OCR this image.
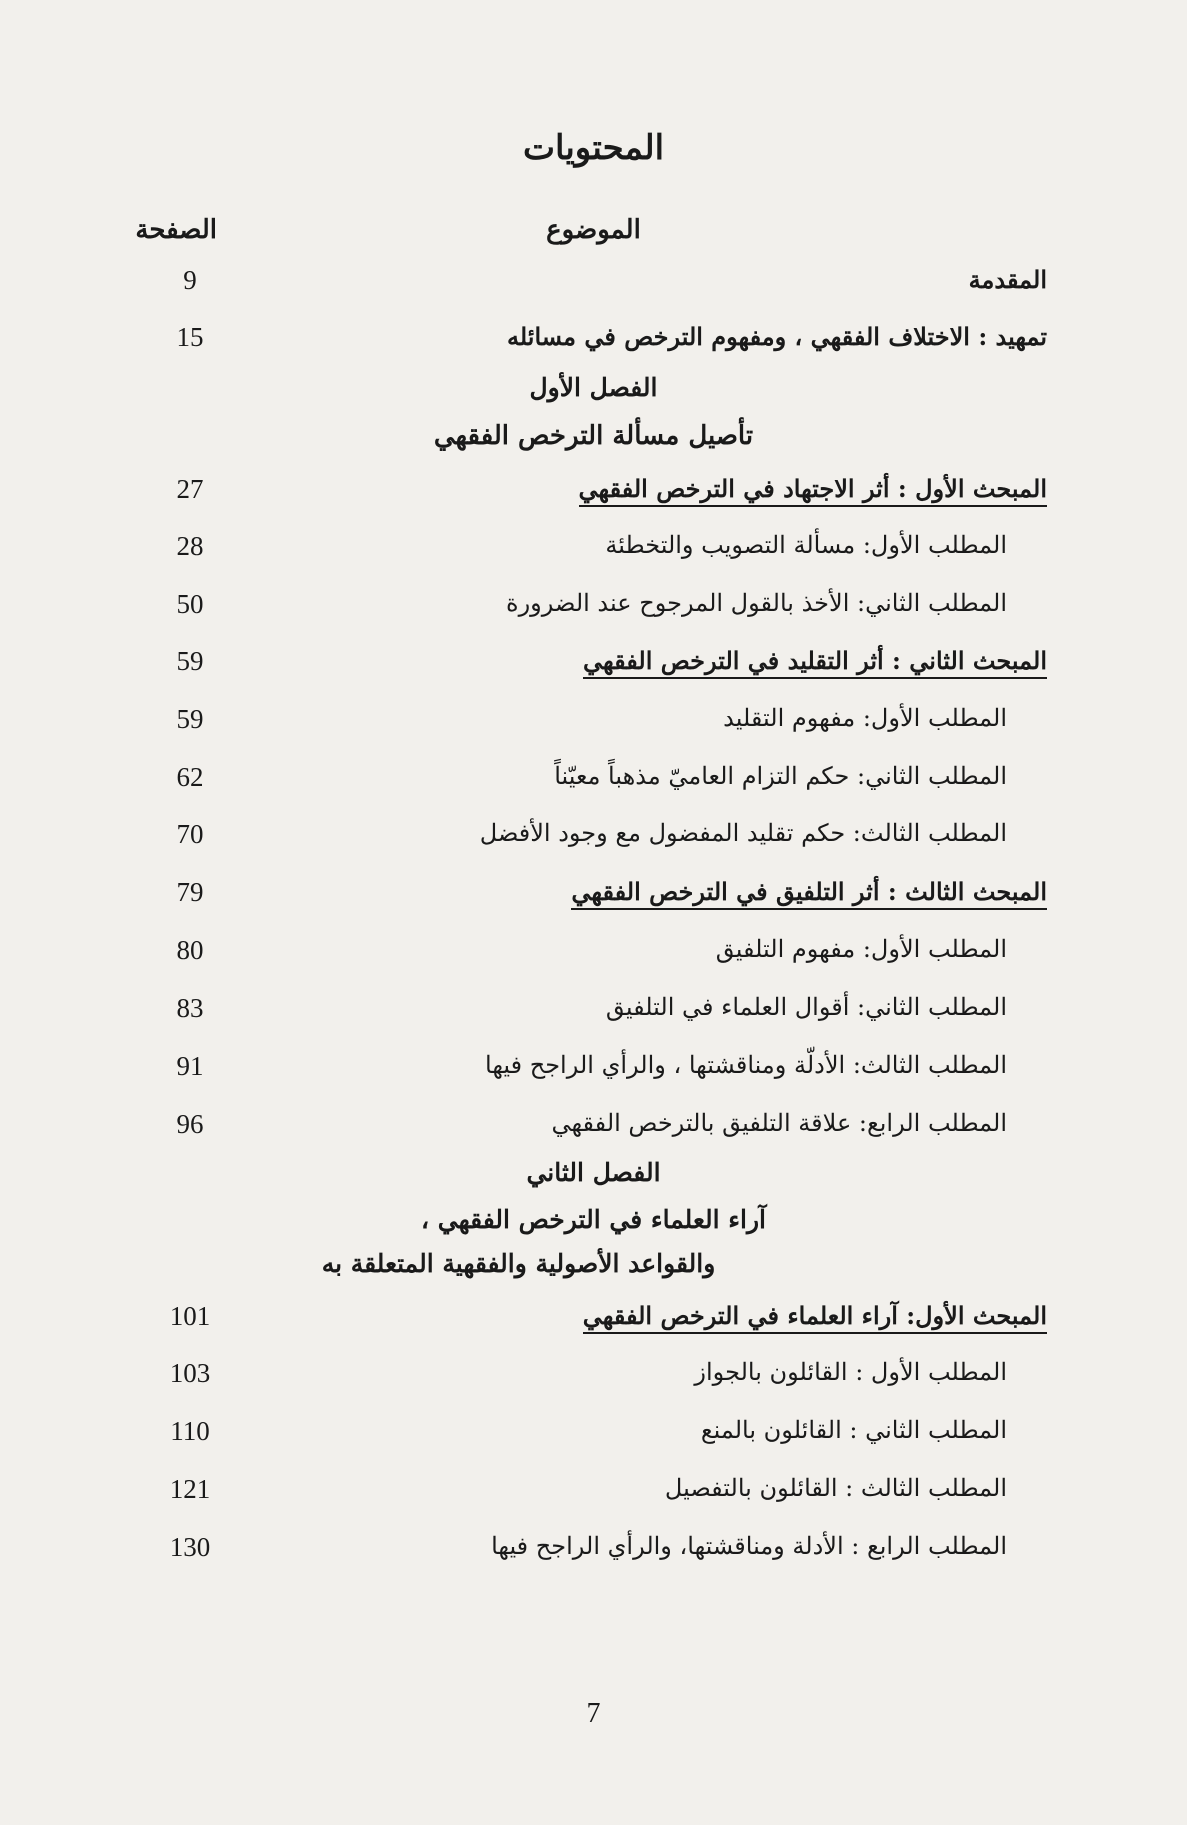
المحتويات
الموضوع
الصفحة
المقدمة
9
تمهيد : الاختلاف الفقهي ، ومفهوم الترخص في مسائله
15
الفصل الأول
تأصيل مسألة الترخص الفقهي
المبحث الأول : أثر الاجتهاد في الترخص الفقهي
27
المطلب الأول: مسألة التصويب والتخطئة
28
المطلب الثاني: الأخذ بالقول المرجوح عند الضرورة
50
المبحث الثاني : أثر التقليد في الترخص الفقهي
59
المطلب الأول: مفهوم التقليد
59
المطلب الثاني: حكم التزام العاميّ مذهباً معيّناً
62
المطلب الثالث: حكم تقليد المفضول مع وجود الأفضل
70
المبحث الثالث : أثر التلفيق في الترخص الفقهي
79
المطلب الأول: مفهوم التلفيق
80
المطلب الثاني: أقوال العلماء في التلفيق
83
المطلب الثالث: الأدلّة ومناقشتها ، والرأي الراجح فيها
91
المطلب الرابع: علاقة التلفيق بالترخص الفقهي
96
الفصل الثاني
آراء العلماء في الترخص الفقهي ،
والقواعد الأصولية والفقهية المتعلقة به
المبحث الأول: آراء العلماء في الترخص الفقهي
101
المطلب الأول : القائلون بالجواز
103
المطلب الثاني : القائلون بالمنع
110
المطلب الثالث : القائلون بالتفصيل
121
المطلب الرابع : الأدلة ومناقشتها، والرأي الراجح فيها
130
7
